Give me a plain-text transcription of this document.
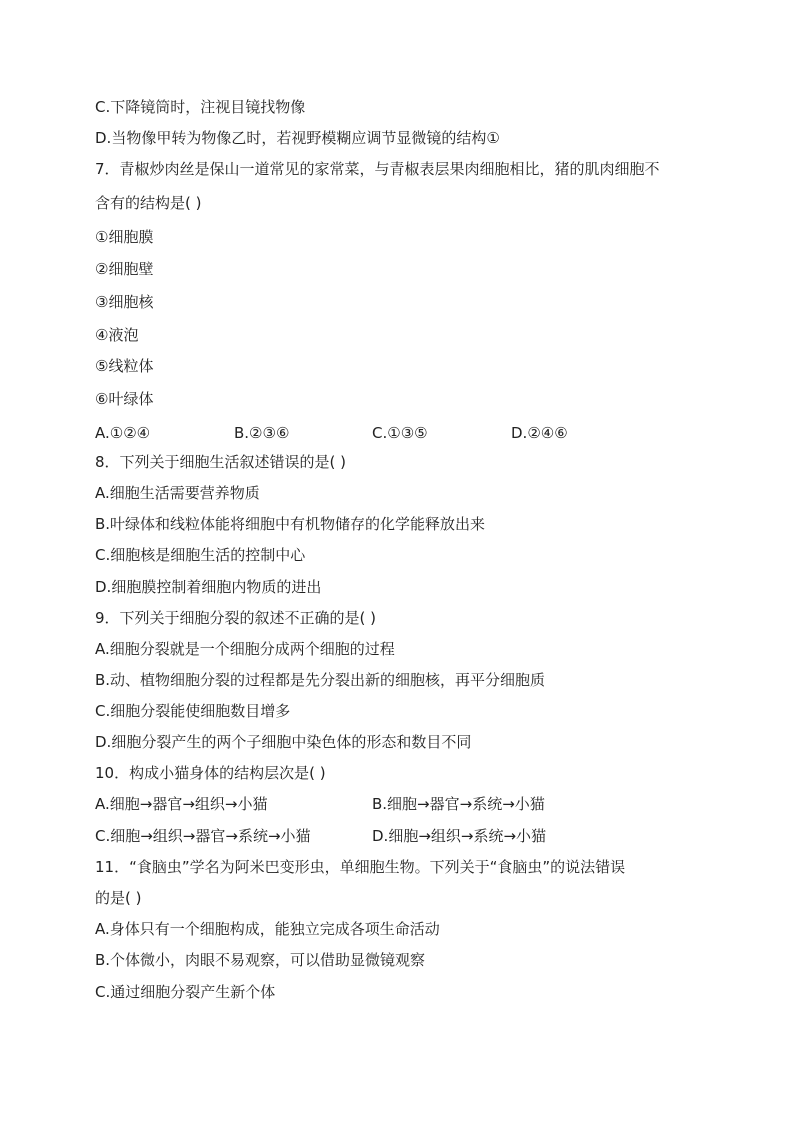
C.下降镜筒时，注视目镜找物像
D.当物像甲转为物像乙时，若视野模糊应调节显微镜的结构①
7．青椒炒肉丝是保山一道常见的家常菜，与青椒表层果肉细胞相比，猪的肌肉细胞不
含有的结构是( )
①细胞膜
②细胞壁
③细胞核
④液泡
⑤线粒体
⑥叶绿体
A.①②④	B.②③⑥	C.①③⑤	D.②④⑥
8．下列关于细胞生活叙述错误的是( )
A.细胞生活需要营养物质
B.叶绿体和线粒体能将细胞中有机物储存的化学能释放出来
C.细胞核是细胞生活的控制中心
D.细胞膜控制着细胞内物质的进出
9．下列关于细胞分裂的叙述不正确的是( )
A.细胞分裂就是一个细胞分成两个细胞的过程
B.动、植物细胞分裂的过程都是先分裂出新的细胞核，再平分细胞质
C.细胞分裂能使细胞数目增多
D.细胞分裂产生的两个子细胞中染色体的形态和数目不同
10．构成小猫身体的结构层次是( )
A.细胞→器官→组织→小猫	B.细胞→器官→系统→小猫
C.细胞→组织→器官→系统→小猫	D.细胞→组织→系统→小猫
11．“食脑虫”学名为阿米巴变形虫，单细胞生物。下列关于“食脑虫”的说法错误
的是( )
A.身体只有一个细胞构成，能独立完成各项生命活动
B.个体微小，肉眼不易观察，可以借助显微镜观察
C.通过细胞分裂产生新个体
